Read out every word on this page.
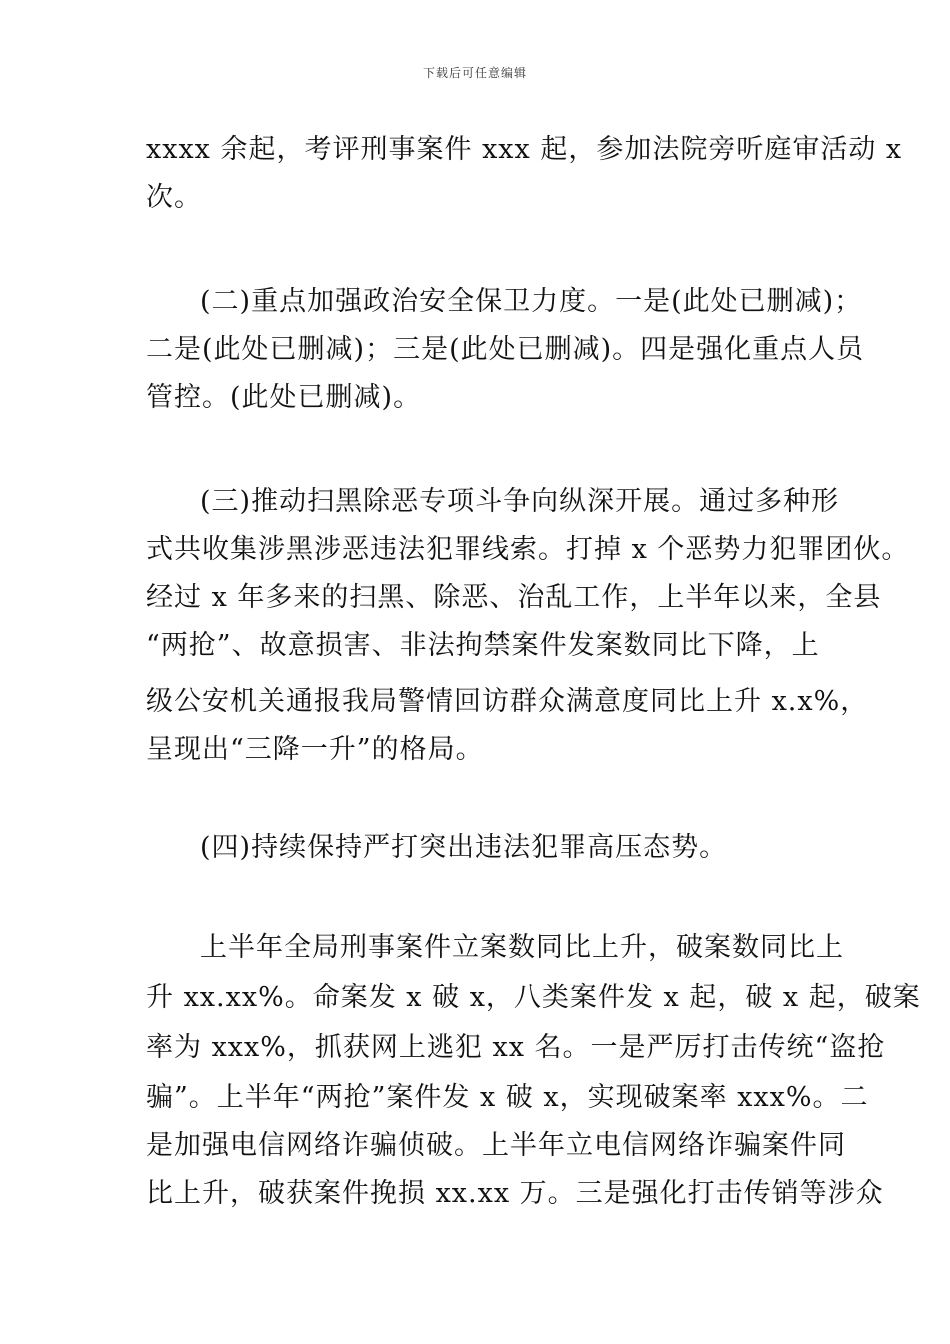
下载后可任意编辑
xxxx 余起，考评刑事案件 xxx 起，参加法院旁听庭审活动 x
次。
(二)重点加强政治安全保卫力度。一是(此处已删减)；
二是(此处已删减)；三是(此处已删减)。四是强化重点人员
管控。(此处已删减)。
(三)推动扫黑除恶专项斗争向纵深开展。通过多种形
式共收集涉黑涉恶违法犯罪线索。打掉 x 个恶势力犯罪团伙。
经过 x 年多来的扫黑、除恶、治乱工作，上半年以来，全县
“两抢”、故意损害、非法拘禁案件发案数同比下降，上
级公安机关通报我局警情回访群众满意度同比上升 x.x%，
呈现出“三降一升”的格局。
(四)持续保持严打突出违法犯罪高压态势。
上半年全局刑事案件立案数同比上升，破案数同比上
升 xx.xx%。命案发 x 破 x，八类案件发 x 起，破 x 起，破案
率为 xxx%，抓获网上逃犯 xx 名。一是严厉打击传统“盗抢
骗”。上半年“两抢”案件发 x 破 x，实现破案率 xxx%。二
是加强电信网络诈骗侦破。上半年立电信网络诈骗案件同
比上升，破获案件挽损 xx.xx 万。三是强化打击传销等涉众
